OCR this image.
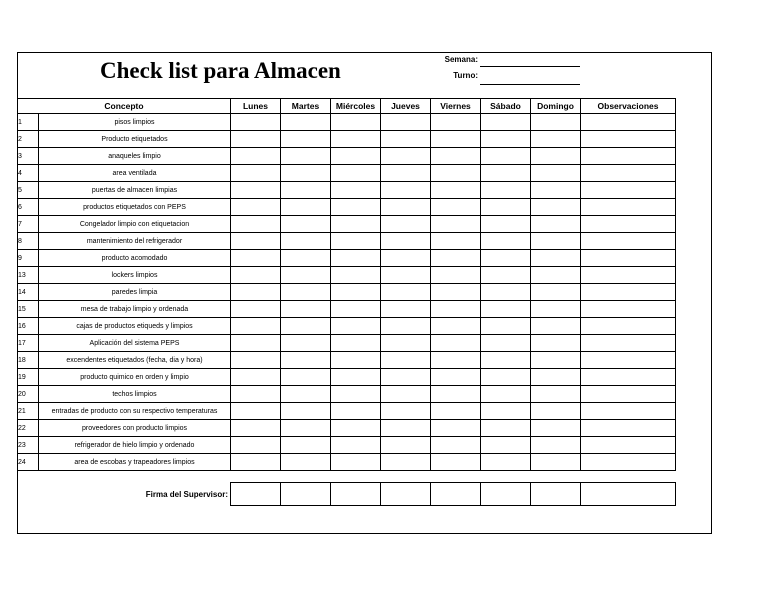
Check list para Almacen	Semana:
Turno:
Concepto		Lunes	Martes	Miércoles	Jueves	Viernes	Sábado	Domingo	Observaciones
1	pisos limpios								
2	Producto etiquetados								
3	anaqueles limpio								
4	area ventilada								
5	puertas de almacen limpias								
6	productos etiquetados con PEPS								
7	Congelador limpio con etiquetacion								
8	mantenimiento del refrigerador								
9	producto acomodado								
13	lockers limpios								
14	paredes limpia								
15	mesa de trabajo limpio y ordenada								
16	cajas de productos etiqueds y limpios								
17	Aplicación del sistema PEPS								
18	excendentes etiquetados (fecha, dia y hora)								
19	producto quimico en orden y limpio								
20	techos limpios								
21	entradas de producto con su respectivo temperaturas								
22	proveedores con producto limpios								
23	refrigerador de hielo limpio y ordenado								
24	area de escobas y trapeadores limpios								
Firma del Supervisor:
